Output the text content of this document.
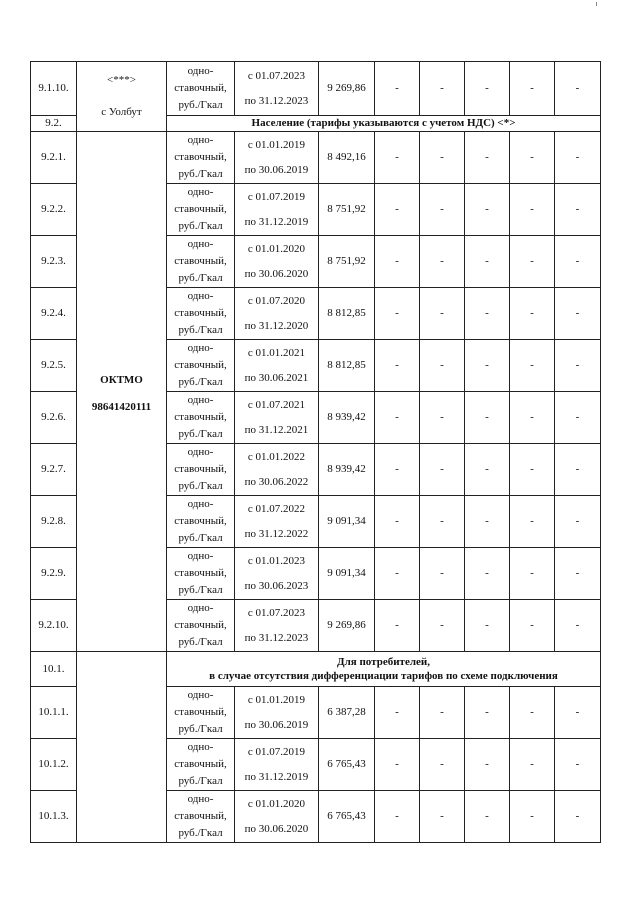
9.1.10.	<***>
с Уолбут	одно-
ставочный,
руб./Гкал	с 01.07.2023
по 31.12.2023	9 269,86	-	-	-	-	-
9.2.		Население (тарифы указываются с учетом НДС) <*>							
9.2.1.	ОКТМО
98641420111	одно-
ставочный,
руб./Гкал	с 01.01.2019
по 30.06.2019	8 492,16	-	-	-	-	-
9.2.2.		одно-
ставочный,
руб./Гкал	с 01.07.2019
по 31.12.2019	8 751,92	-	-	-	-	-
9.2.3.		одно-
ставочный,
руб./Гкал	с 01.01.2020
по 30.06.2020	8 751,92	-	-	-	-	-
9.2.4.		одно-
ставочный,
руб./Гкал	с 01.07.2020
по 31.12.2020	8 812,85	-	-	-	-	-
9.2.5.		одно-
ставочный,
руб./Гкал	с 01.01.2021
по 30.06.2021	8 812,85	-	-	-	-	-
9.2.6.		одно-
ставочный,
руб./Гкал	с 01.07.2021
по 31.12.2021	8 939,42	-	-	-	-	-
9.2.7.		одно-
ставочный,
руб./Гкал	с 01.01.2022
по 30.06.2022	8 939,42	-	-	-	-	-
9.2.8.		одно-
ставочный,
руб./Гкал	с 01.07.2022
по 31.12.2022	9 091,34	-	-	-	-	-
9.2.9.		одно-
ставочный,
руб./Гкал	с 01.01.2023
по 30.06.2023	9 091,34	-	-	-	-	-
9.2.10.		одно-
ставочный,
руб./Гкал	с 01.07.2023
по 31.12.2023	9 269,86	-	-	-	-	-
10.1.		Для потребителей,
в случае отсутствия дифференциации тарифов по схеме подключения							

10.1.1.		одно-
ставочный,
руб./Гкал	с 01.01.2019
по 30.06.2019	6 387,28	-	-	-	-	-
10.1.2.		одно-
ставочный,
руб./Гкал	с 01.07.2019
по 31.12.2019	6 765,43	-	-	-	-	-
10.1.3.		одно-
ставочный,
руб./Гкал	с 01.01.2020
по 30.06.2020	6 765,43	-	-	-	-	-
